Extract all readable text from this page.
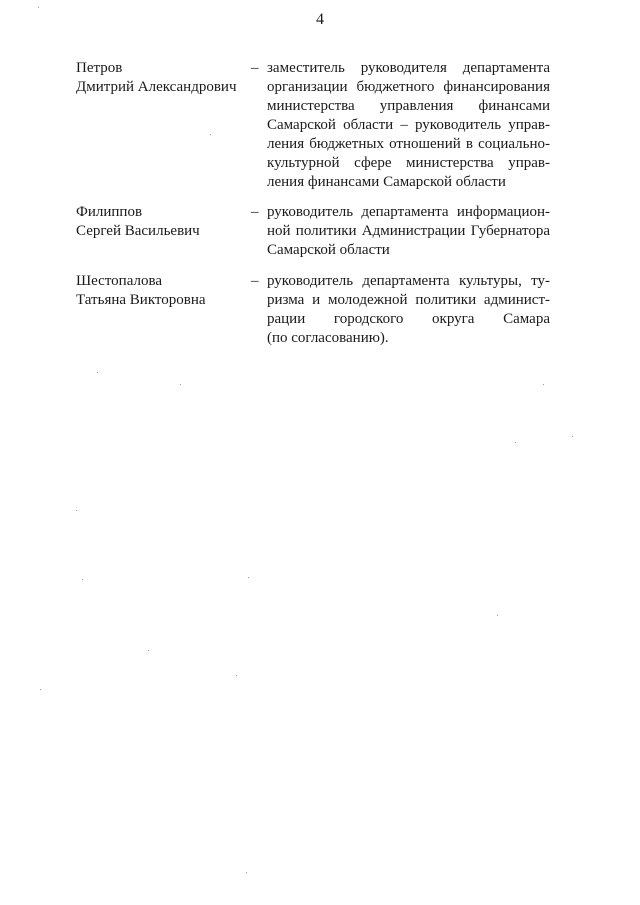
4
Петров
Дмитрий Александрович
– заместитель руководителя департамента
организации бюджетного финансирования
министерства управления финансами
Самарской области – руководитель управ-
ления бюджетных отношений в социально-
культурной сфере министерства управ-
ления финансами Самарской области
Филиппов
Сергей Васильевич
– руководитель департамента информацион-
ной политики Администрации Губернатора
Самарской области
Шестопалова
Татьяна Викторовна
– руководитель департамента культуры, ту-
ризма и молодежной политики админист-
рации городского округа Самара
(по согласованию).
